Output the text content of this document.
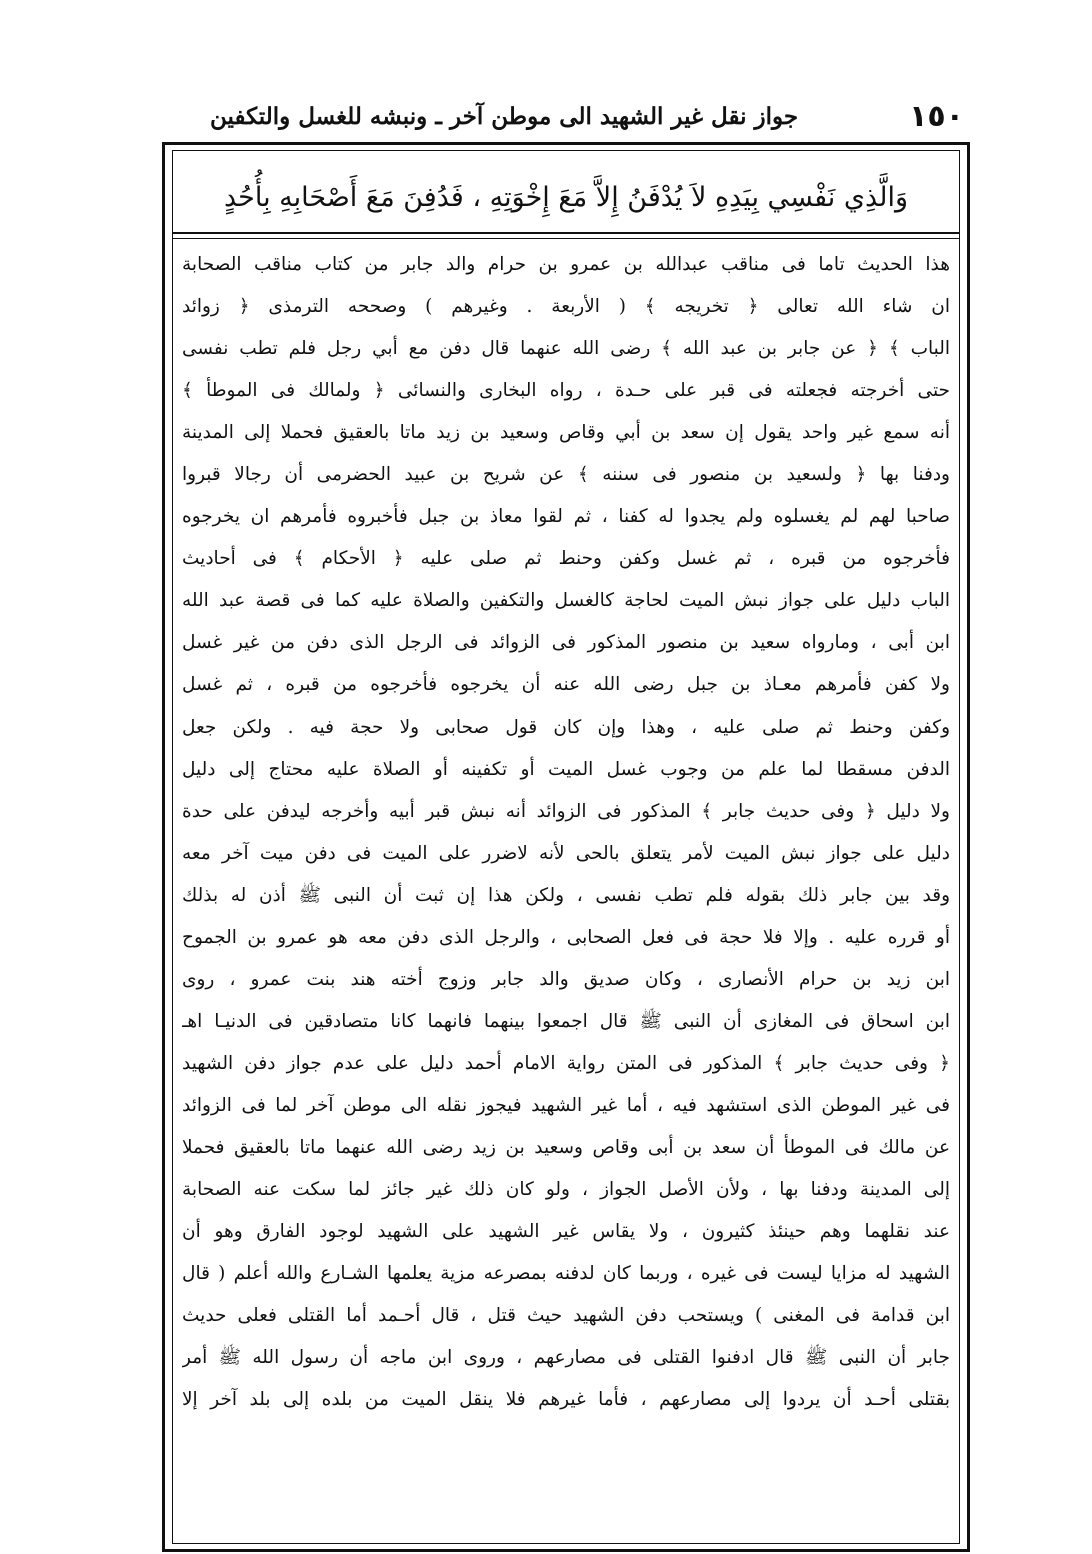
١٥٠
جواز نقل غير الشهيد الى موطن آخر ـ ونبشه للغسل والتكفين
وَالَّذِي نَفْسِي بِيَدِهِ لاَ يُدْفَنُ إِلاَّ مَعَ إِخْوَتِهِ ، فَدُفِنَ مَعَ أَصْحَابِهِ بِأُحُدٍ
هذا الحديث تاما فى مناقب عبدالله بن عمرو بن حرام والد جابر من كتاب مناقب الصحابة
ان شاء الله تعالى ﴿ تخريجه ﴾ ( الأربعة . وغيرهم ) وصححه الترمذى ﴿ زوائد
الباب ﴾ ﴿ عن جابر بن عبد الله ﴾ رضى الله عنهما قال دفن مع أبي رجل فلم تطب نفسى
حتى أخرجته فجعلته فى قبر على حـدة ، رواه البخارى والنسائى ﴿ ولمالك فى الموطأ ﴾
أنه سمع غير واحد يقول إن سعد بن أبي وقاص وسعيد بن زيد ماتا بالعقيق فحملا إلى المدينة
ودفنا بها ﴿ ولسعيد بن منصور فى سننه ﴾ عن شريح بن عبيد الحضرمى أن رجالا قبروا
صاحبا لهم لم يغسلوه ولم يجدوا له كفنا ، ثم لقوا معاذ بن جبل فأخبروه فأمرهم ان يخرجوه
فأخرجوه من قبره ، ثم غسل وكفن وحنط ثم صلى عليه ﴿ الأحكام ﴾ فى أحاديث
الباب دليل على جواز نبش الميت لحاجة كالغسل والتكفين والصلاة عليه كما فى قصة عبد الله
ابن أبى ، ومارواه سعيد بن منصور المذكور فى الزوائد فى الرجل الذى دفن من غير غسل
ولا كفن فأمرهم معـاذ بن جبل رضى الله عنه أن يخرجوه فأخرجوه من قبره ، ثم غسل
وكفن وحنط ثم صلى عليه ، وهذا وإن كان قول صحابى ولا حجة فيه . ولكن جعل
الدفن مسقطا لما علم من وجوب غسل الميت أو تكفينه أو الصلاة عليه محتاج إلى دليل
ولا دليل ﴿ وفى حديث جابر ﴾ المذكور فى الزوائد أنه نبش قبر أبيه وأخرجه ليدفن على حدة
دليل على جواز نبش الميت لأمر يتعلق بالحى لأنه لاضرر على الميت فى دفن ميت آخر معه
وقد بين جابر ذلك بقوله فلم تطب نفسى ، ولكن هذا إن ثبت أن النبى ﷺ أذن له بذلك
أو قرره عليه . وإلا فلا حجة فى فعل الصحابى ، والرجل الذى دفن معه هو عمرو بن الجموح
ابن زيد بن حرام الأنصارى ، وكان صديق والد جابر وزوج أخته هند بنت عمرو ، روى
ابن اسحاق فى المغازى أن النبى ﷺ قال اجمعوا بينهما فانهما كانا متصادقين فى الدنيـا اهـ
﴿ وفى حديث جابر ﴾ المذكور فى المتن رواية الامام أحمد دليل على عدم جواز دفن الشهيد
فى غير الموطن الذى استشهد فيه ، أما غير الشهيد فيجوز نقله الى موطن آخر لما فى الزوائد
عن مالك فى الموطأ أن سعد بن أبى وقاص وسعيد بن زيد رضى الله عنهما ماتا بالعقيق فحملا
إلى المدينة ودفنا بها ، ولأن الأصل الجواز ، ولو كان ذلك غير جائز لما سكت عنه الصحابة
عند نقلهما وهم حينئذ كثيرون ، ولا يقاس غير الشهيد على الشهيد لوجود الفارق وهو أن
الشهيد له مزايا ليست فى غيره ، وربما كان لدفنه بمصرعه مزية يعلمها الشـارع والله أعلم ( قال
ابن قدامة فى المغنى ) ويستحب دفن الشهيد حيث قتل ، قال أحـمد أما القتلى فعلى حديث
جابر أن النبى ﷺ قال ادفنوا القتلى فى مصارعهم ، وروى ابن ماجه أن رسول الله ﷺ أمر
بقتلى أحـد أن يردوا إلى مصارعهم ، فأما غيرهم فلا ينقل الميت من بلده إلى بلد آخر إلا
